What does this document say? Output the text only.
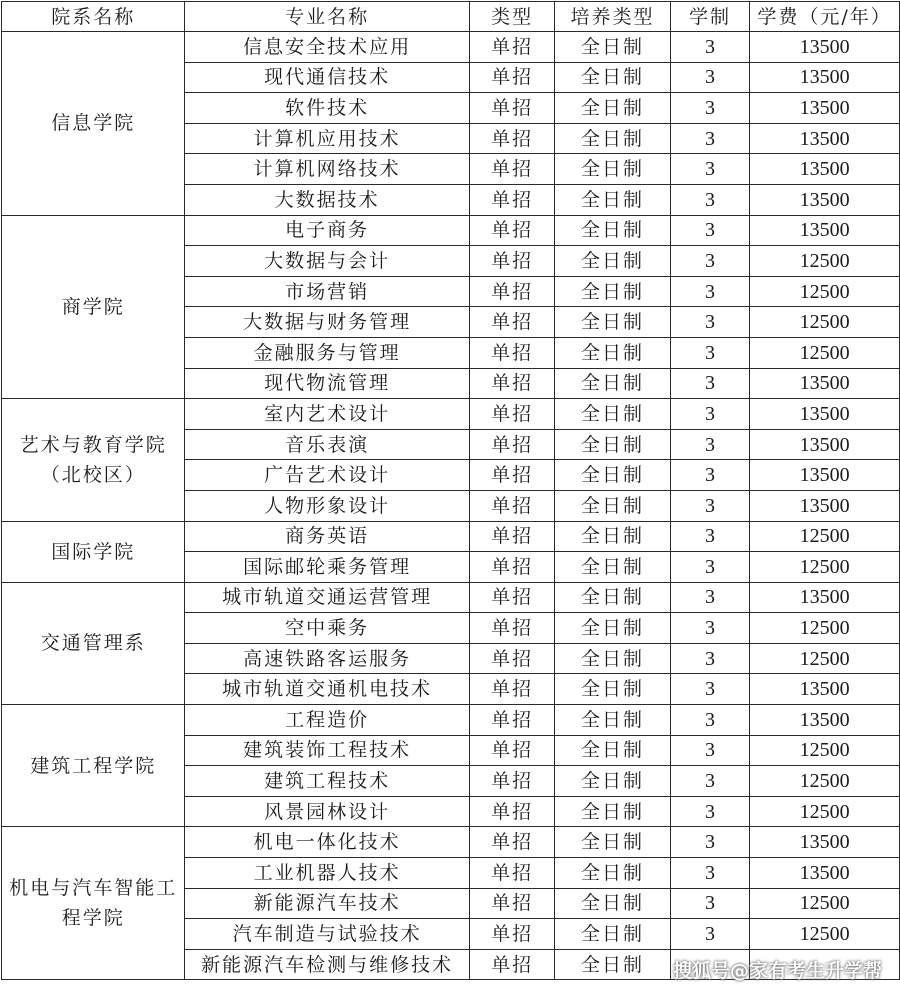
院系名称	专业名称	类型	培养类型	学制	学费（元/年）
信息学院	信息安全技术应用	单招	全日制	3	13500
	现代通信技术	单招	全日制	3	13500
	软件技术	单招	全日制	3	13500
	计算机应用技术	单招	全日制	3	13500
	计算机网络技术	单招	全日制	3	13500
	大数据技术	单招	全日制	3	13500
商学院	电子商务	单招	全日制	3	13500
	大数据与会计	单招	全日制	3	12500
	市场营销	单招	全日制	3	12500
	大数据与财务管理	单招	全日制	3	12500
	金融服务与管理	单招	全日制	3	12500
	现代物流管理	单招	全日制	3	13500
艺术与教育学院（北校区）	室内艺术设计	单招	全日制	3	13500
	音乐表演	单招	全日制	3	13500
	广告艺术设计	单招	全日制	3	13500
	人物形象设计	单招	全日制	3	13500
国际学院	商务英语	单招	全日制	3	12500
	国际邮轮乘务管理	单招	全日制	3	12500
交通管理系	城市轨道交通运营管理	单招	全日制	3	13500
	空中乘务	单招	全日制	3	12500
	高速铁路客运服务	单招	全日制	3	12500
	城市轨道交通机电技术	单招	全日制	3	13500
建筑工程学院	工程造价	单招	全日制	3	13500
	建筑装饰工程技术	单招	全日制	3	12500
	建筑工程技术	单招	全日制	3	12500
	风景园林设计	单招	全日制	3	12500
机电与汽车智能工程学院	机电一体化技术	单招	全日制	3	13500
	工业机器人技术	单招	全日制	3	13500
	新能源汽车技术	单招	全日制	3	12500
	汽车制造与试验技术	单招	全日制	3	12500
	新能源汽车检测与维修技术	单招	全日制		搜狐号@家有考生升学帮
